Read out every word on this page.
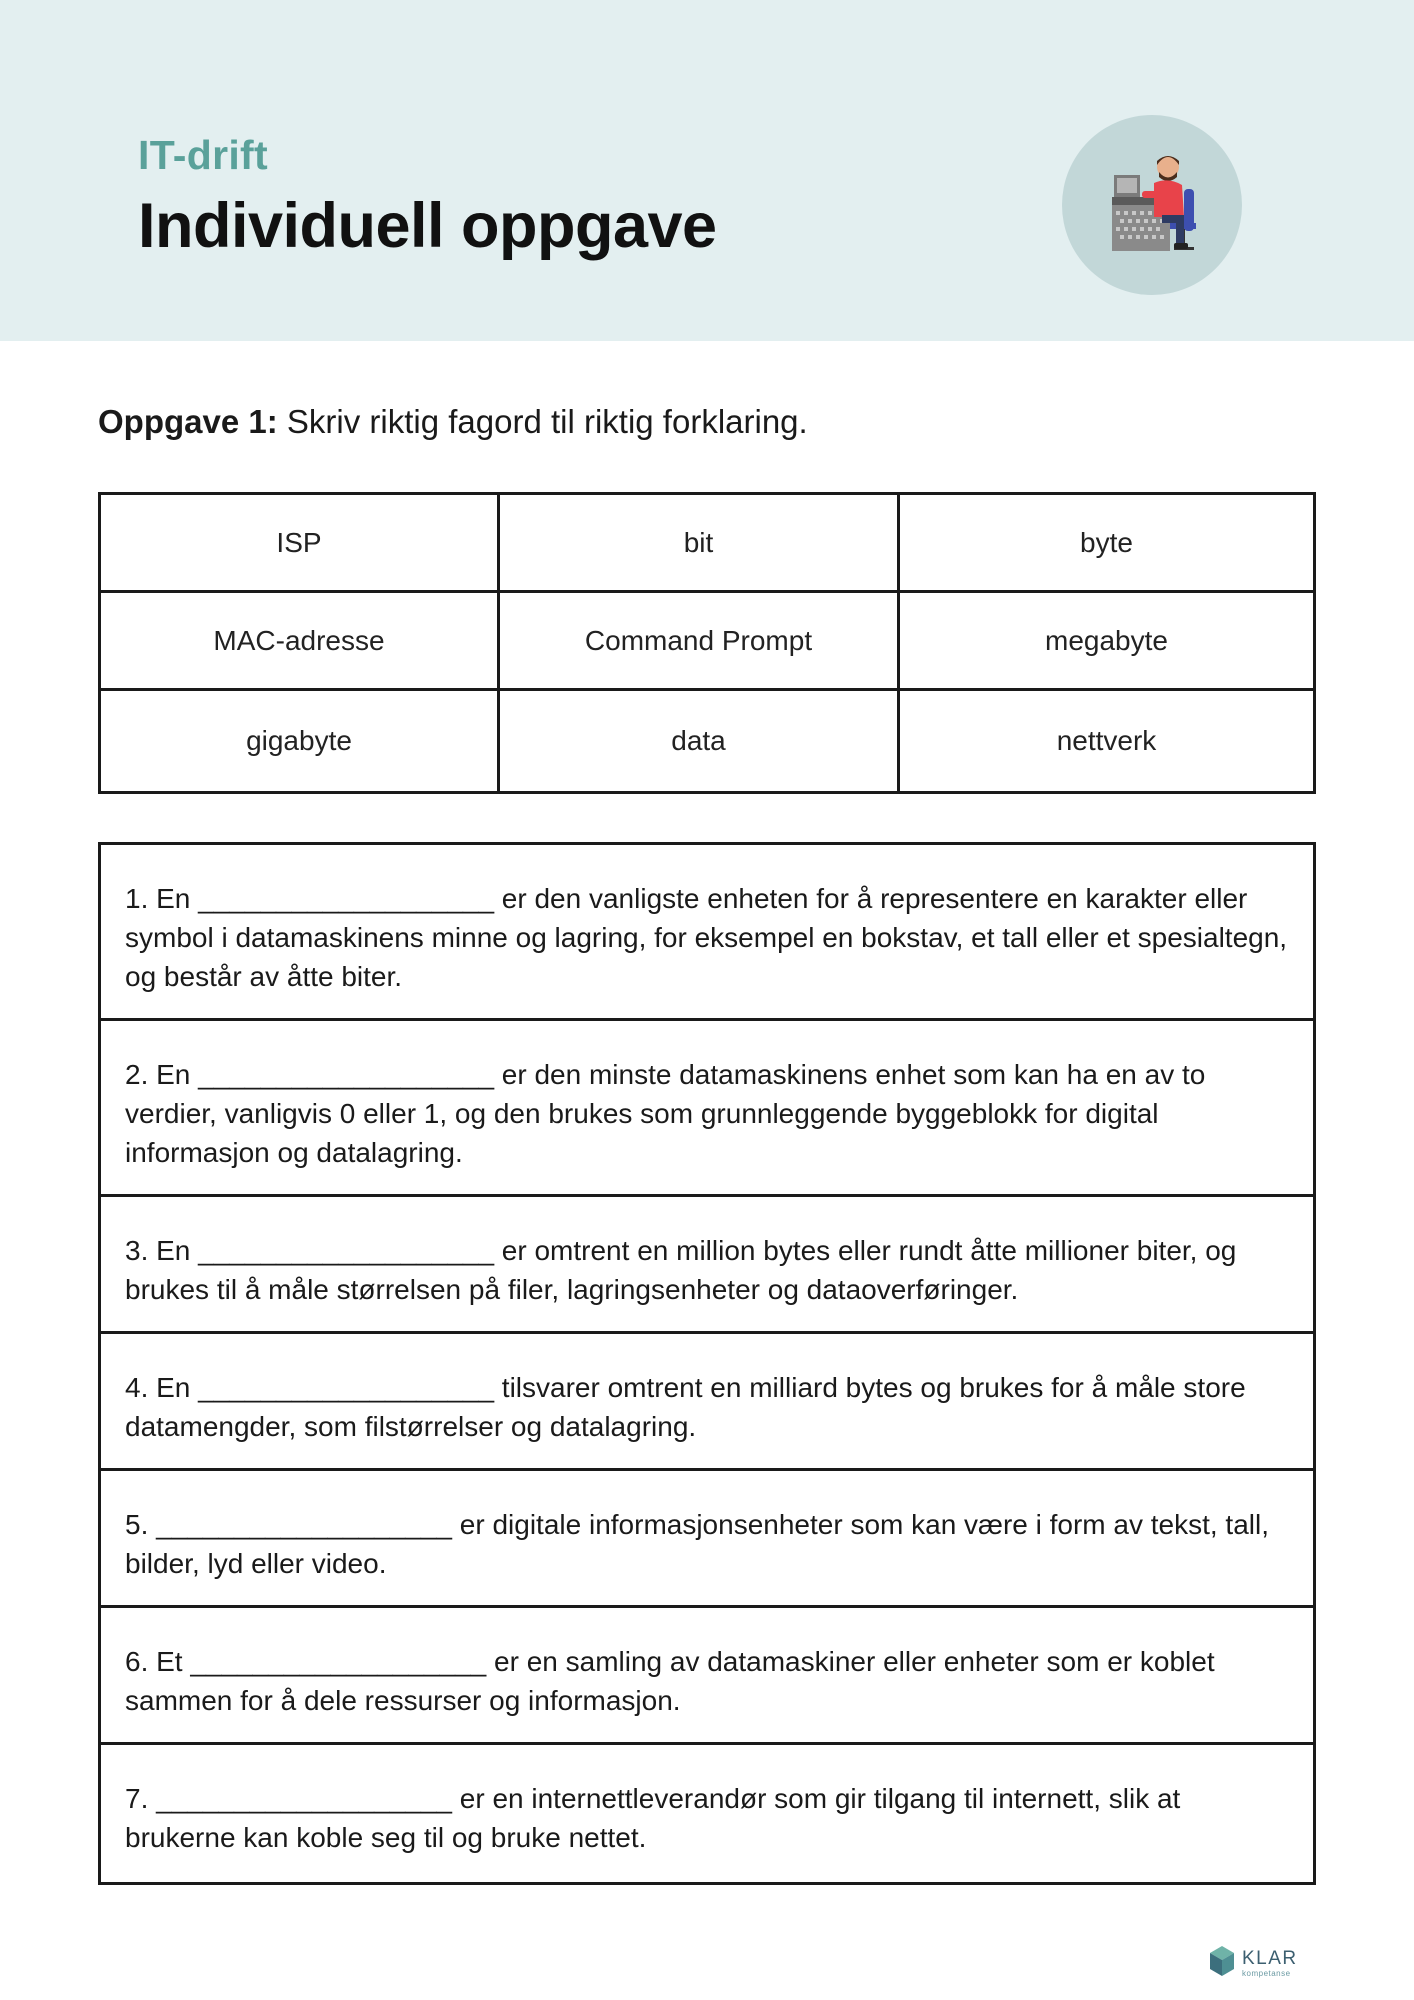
IT-drift
Individuell oppgave
Oppgave 1: Skriv riktig fagord til riktig forklaring.
ISP	bit	byte
MAC-adresse	Command Prompt	megabyte
gigabyte	data	nettverk
1. En ___________________ er den vanligste enheten for å representere en karakter eller symbol i datamaskinens minne og lagring, for eksempel en bokstav, et tall eller et spesialtegn, og består av åtte biter.
2. En ___________________ er den minste datamaskinens enhet som kan ha en av to verdier, vanligvis 0 eller 1, og den brukes som grunnleggende byggeblokk for digital informasjon og datalagring.
3. En ___________________ er omtrent en million bytes eller rundt åtte millioner biter, og brukes til å måle størrelsen på filer, lagringsenheter og dataoverføringer.
4. En ___________________ tilsvarer omtrent en milliard bytes og brukes for å måle store datamengder, som filstørrelser og datalagring.
5. ___________________ er digitale informasjonsenheter som kan være i form av tekst, tall, bilder, lyd eller video.
6. Et ___________________ er en samling av datamaskiner eller enheter som er koblet sammen for å dele ressurser og informasjon.
7. ___________________ er en internettleverandør som gir tilgang til internett, slik at brukerne kan koble seg til og bruke nettet.
KLAR
kompetanse
